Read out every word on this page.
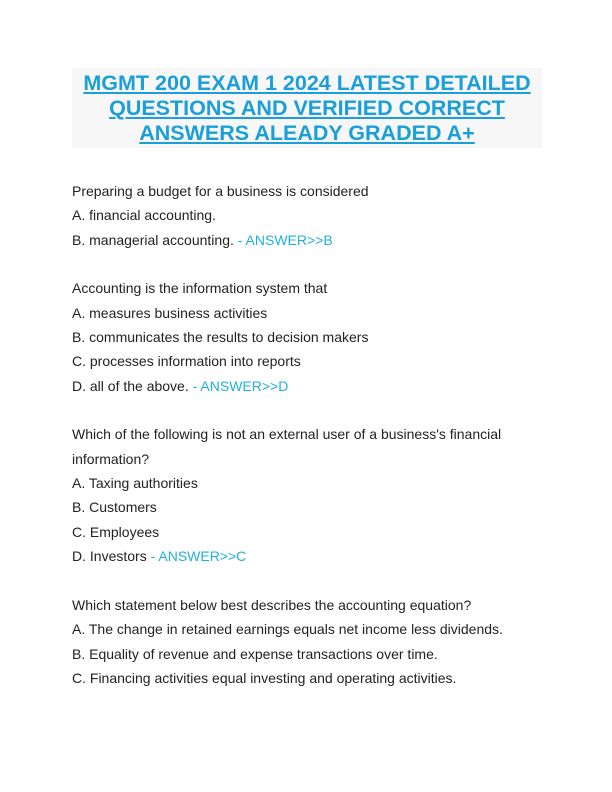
MGMT 200 EXAM 1 2024 LATEST DETAILED
QUESTIONS AND VERIFIED CORRECT
ANSWERS ALEADY GRADED A+
Preparing a budget for a business is considered
A. financial accounting.
B. managerial accounting. - ANSWER>>B
Accounting is the information system that
A. measures business activities
B. communicates the results to decision makers
C. processes information into reports
D. all of the above. - ANSWER>>D
Which of the following is not an external user of a business's financial information?
A. Taxing authorities
B. Customers
C. Employees
D. Investors - ANSWER>>C
Which statement below best describes the accounting equation?
A. The change in retained earnings equals net income less dividends.
B. Equality of revenue and expense transactions over time.
C. Financing activities equal investing and operating activities.
